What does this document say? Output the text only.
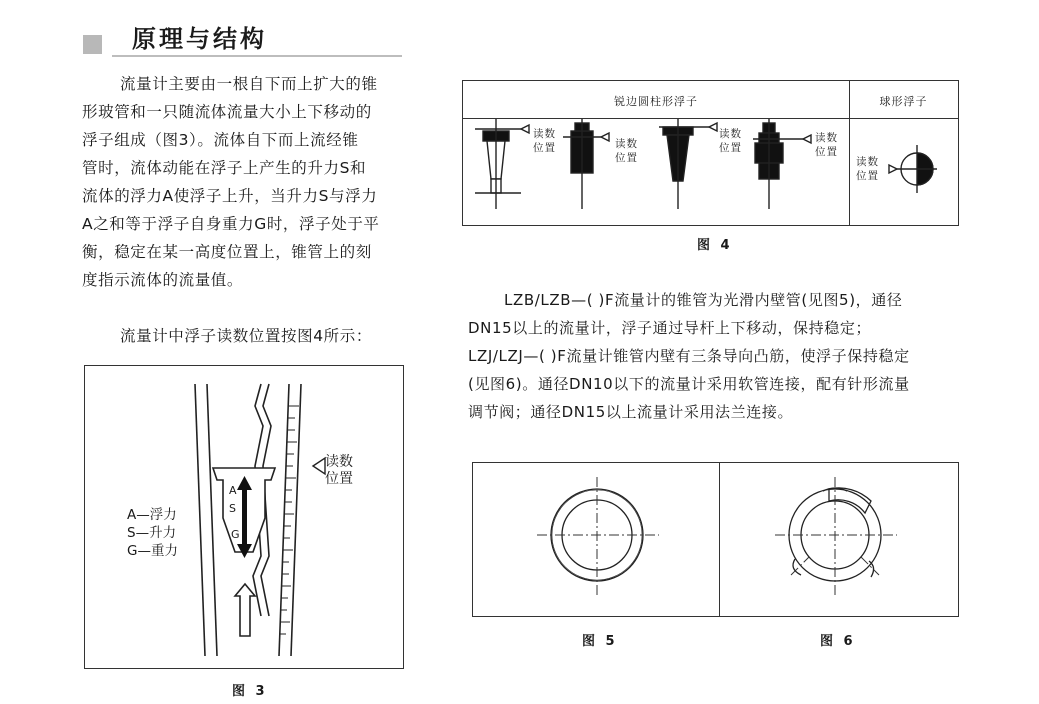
原理与结构
流量计主要由一根自下而上扩大的锥
形玻管和一只随流体流量大小上下移动的
浮子组成（图3）。流体自下而上流经锥
管时，流体动能在浮子上产生的升力S和
流体的浮力A使浮子上升，当升力S与浮力
A之和等于浮子自身重力G时，浮子处于平
衡，稳定在某一高度位置上，锥管上的刻
度指示流体的流量值。
流量计中浮子读数位置按图4所示：
A
S
G
读数
位置
A—浮力
S—升力
G—重力
图 3
锐边圆柱形浮子	球形浮子
读数
位置	读数
位置
读数
位置
读数
位置
读数
位置
图 4
LZB/LZB—( )F流量计的锥管为光滑内壁管(见图5)，通径
DN15以上的流量计，浮子通过导杆上下移动，保持稳定；
LZJ/LZJ—( )F流量计锥管内壁有三条导向凸筋，使浮子保持稳定
(见图6)。通径DN10以下的流量计采用软管连接，配有针形流量
调节阀；通径DN15以上流量计采用法兰连接。
图 5	图 6
